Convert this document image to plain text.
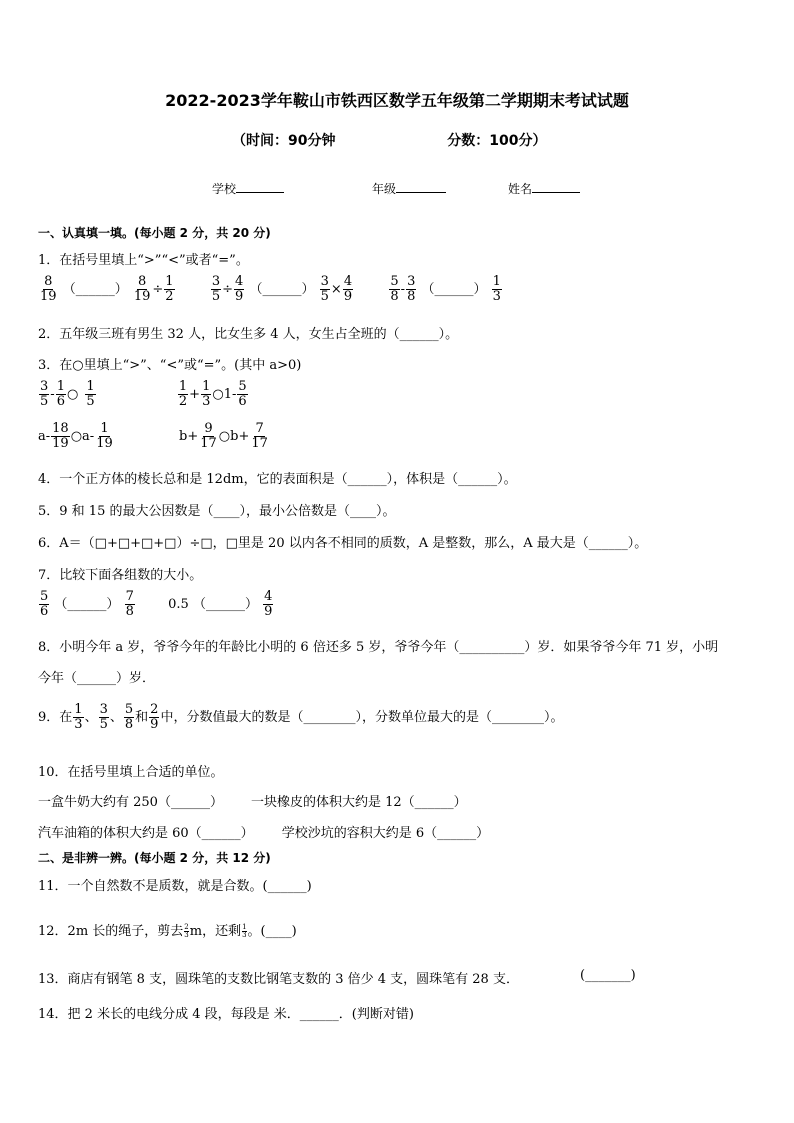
2022-2023学年鞍山市铁西区数学五年级第二学期期末考试试题
（时间：90分钟	分数：100分）
学校	年级	姓名
一、认真填一填。(每小题 2 分，共 20 分)
1．在括号里填上“>”“<”或者“=”。
$\frac{8}{19}$ （______） $\frac{8}{19} \div \frac{1}{2}$
	$\frac{3}{5} \div \frac{4}{9}$ （______） $\frac{3}{5} \times \frac{4}{9}$
	$\frac{5}{8} - \frac{3}{8}$ （______） $\frac{1}{3}$
2．五年级三班有男生 32 人，比女生多 4 人，女生占全班的（______）。
3．在○里填上“>”、“<”或“=”。(其中 a>0)
$\frac{3}{5} - \frac{1}{6}$ ○ $\frac{1}{5}$
	$\frac{1}{2} + \frac{1}{3}$ ○1- $\frac{5}{6}$
$a- \frac{18}{19}$ ○a- $\frac{1}{19}$	$b+ \frac{9}{17}$ ○b+ $\frac{7}{17}$
4．一个正方体的棱长总和是 12dm，它的表面积是（______），体积是（______）。
5．9 和 15 的最大公因数是（____），最小公倍数是（____）。
6．A＝（□+□+□+□）÷□，□里是 20 以内各不相同的质数，A 是整数，那么，A 最大是（______）。
7．比较下面各组数的大小。
$\frac{5}{6}$ （______） $\frac{7}{8}$	0.5 （______） $\frac{4}{9}$
8．小明今年 a 岁，爷爷今年的年龄比小明的 6 倍还多 5 岁，爷爷今年（__________）岁．如果爷爷今年 71 岁，小明
今年（______）岁．
9．在 $\frac{1}{3}$ 、 $\frac{3}{5}$ 、 $\frac{5}{8}$ 和 $\frac{2}{9}$ 中，分数值最大的数是（________），分数单位最大的是（________）。
10．在括号里填上合适的单位。
一盒牛奶大约有 250（______） 一块橡皮的体积大约是 12（______）
汽车油箱的体积大约是 60（______） 学校沙坑的容积大约是 6（______）
二、是非辨一辨。(每小题 2 分，共 12 分)
11．一个自然数不是质数，就是合数。(______)
12．2m 长的绳子，剪去 $\frac{2}{3}$ m，还剩 $\frac{1}{3}$ 。(____)
13．商店有钢笔 8 支，圆珠笔的支数比钢笔支数的 3 倍少 4 支，圆珠笔有 28 支．	(_______)
14．把 2 米长的电线分成 4 段，每段是 米．______．(判断对错)
